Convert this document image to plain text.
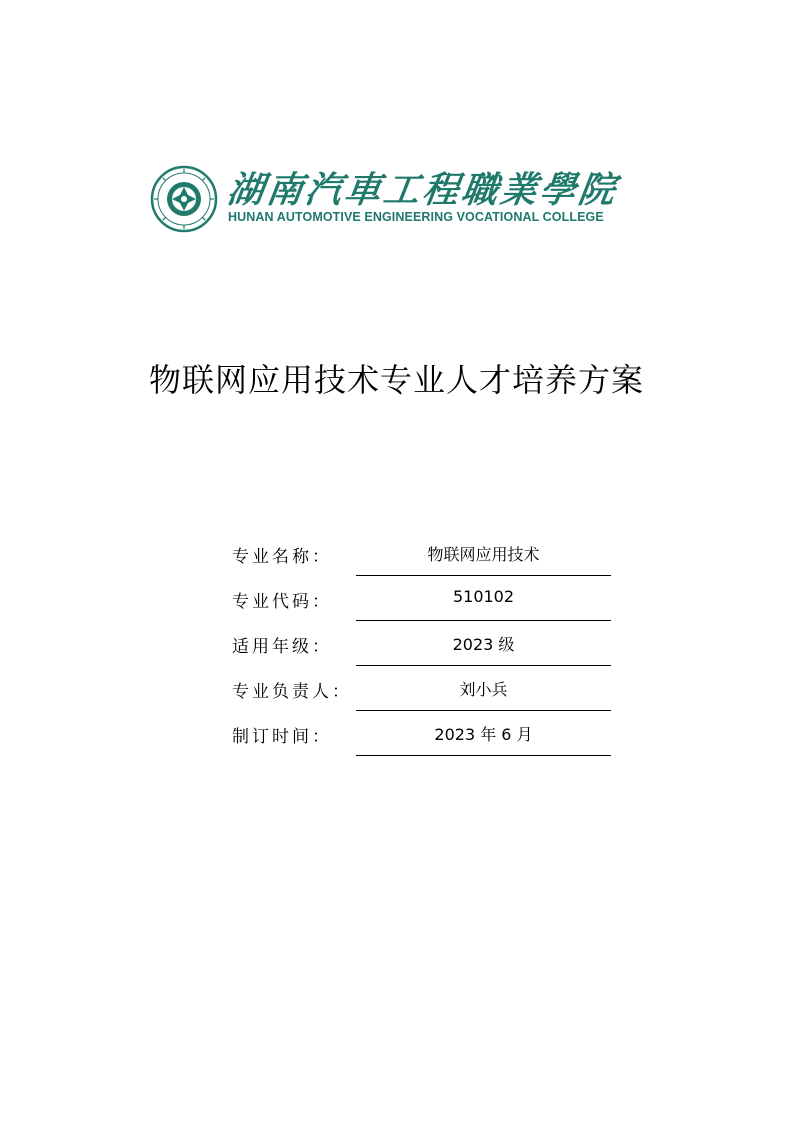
湖南汽車工程職業學院
HUNAN AUTOMOTIVE ENGINEERING VOCATIONAL COLLEGE
物联网应用技术专业人才培养方案
专业名称：	物联网应用技术
专业代码：	510102
适用年级：	2023 级
专业负责人：	刘小兵
制订时间：	2023 年 6 月
